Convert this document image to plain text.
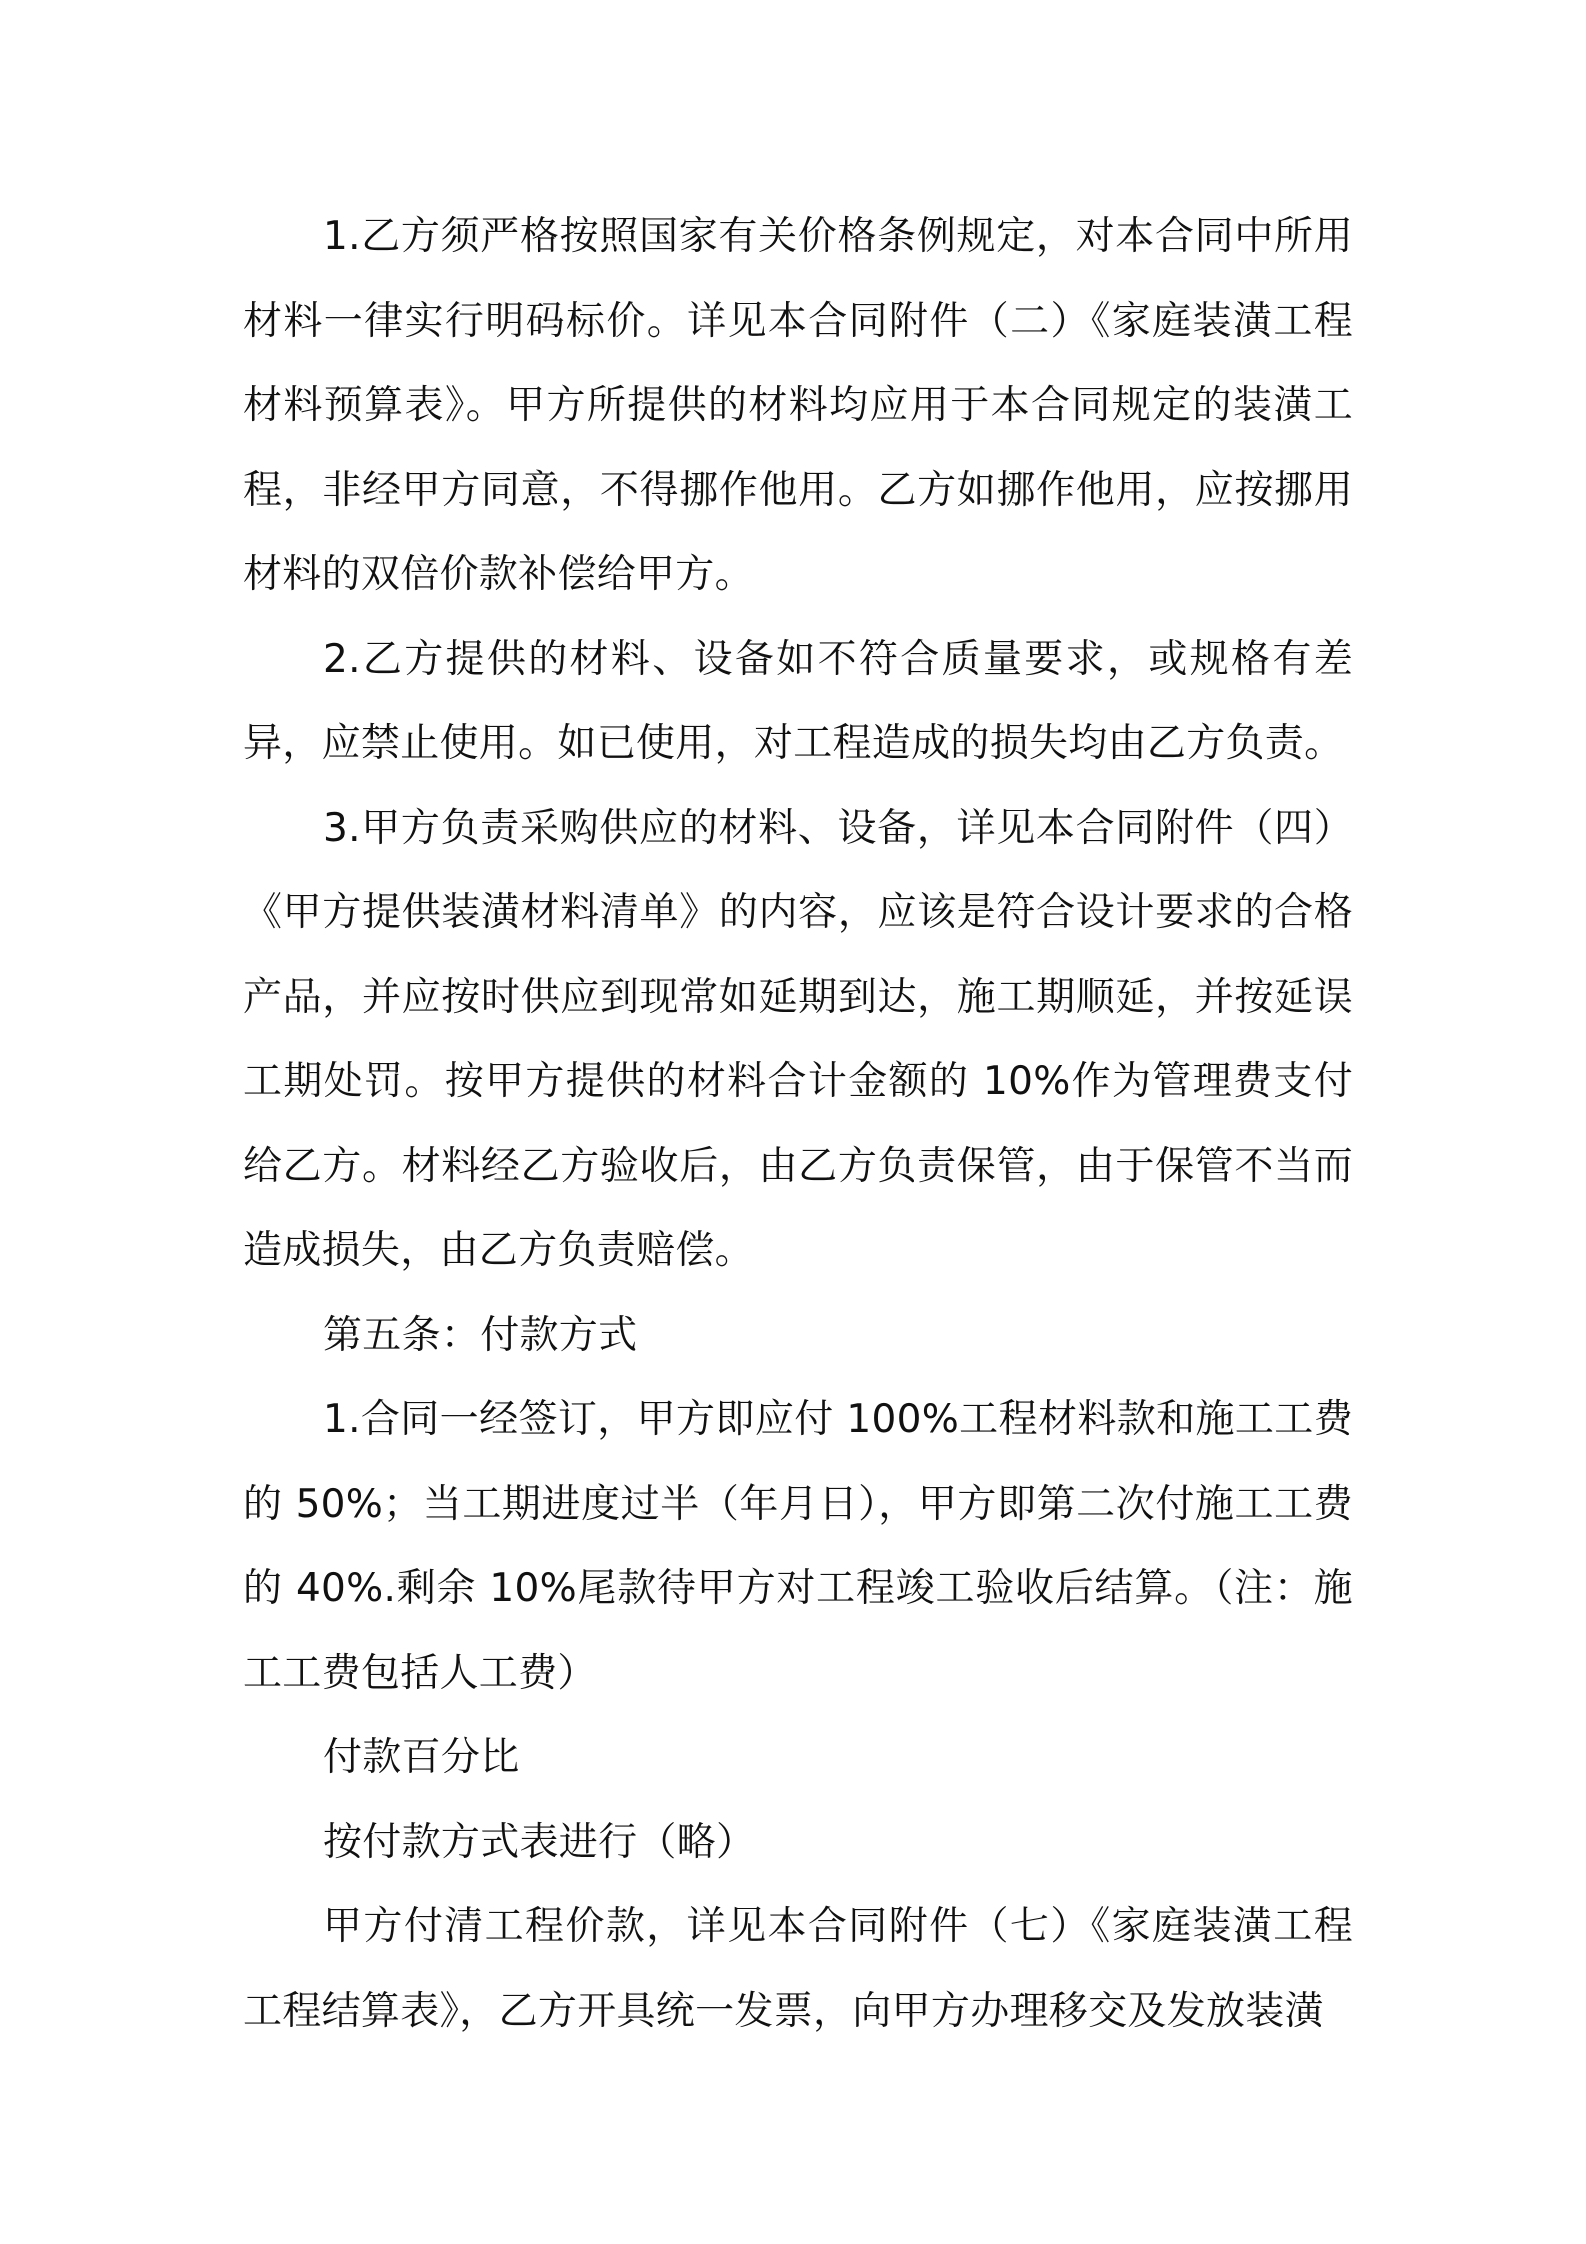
1.乙方须严格按照国家有关价格条例规定，对本合同中所用材料一律实行明码标价。详见本合同附件（二）《家庭装潢工程材料预算表》。甲方所提供的材料均应用于本合同规定的装潢工程，非经甲方同意，不得挪作他用。乙方如挪作他用，应按挪用材料的双倍价款补偿给甲方。

2.乙方提供的材料、设备如不符合质量要求，或规格有差异，应禁止使用。如已使用，对工程造成的损失均由乙方负责。

3.甲方负责采购供应的材料、设备，详见本合同附件（四）《甲方提供装潢材料清单》的内容，应该是符合设计要求的合格产品，并应按时供应到现常如延期到达，施工期顺延，并按延误工期处罚。按甲方提供的材料合计金额的 10%作为管理费支付给乙方。材料经乙方验收后，由乙方负责保管，由于保管不当而造成损失，由乙方负责赔偿。

第五条：付款方式

1.合同一经签订，甲方即应付 100%工程材料款和施工工费的 50%；当工期进度过半（年月日），甲方即第二次付施工工费的 40%.剩余 10%尾款待甲方对工程竣工验收后结算。（注：施工工费包括人工费）

付款百分比

按付款方式表进行（略）

甲方付清工程价款，详见本合同附件（七）《家庭装潢工程工程结算表》，乙方开具统一发票，向甲方办理移交及发放装潢
